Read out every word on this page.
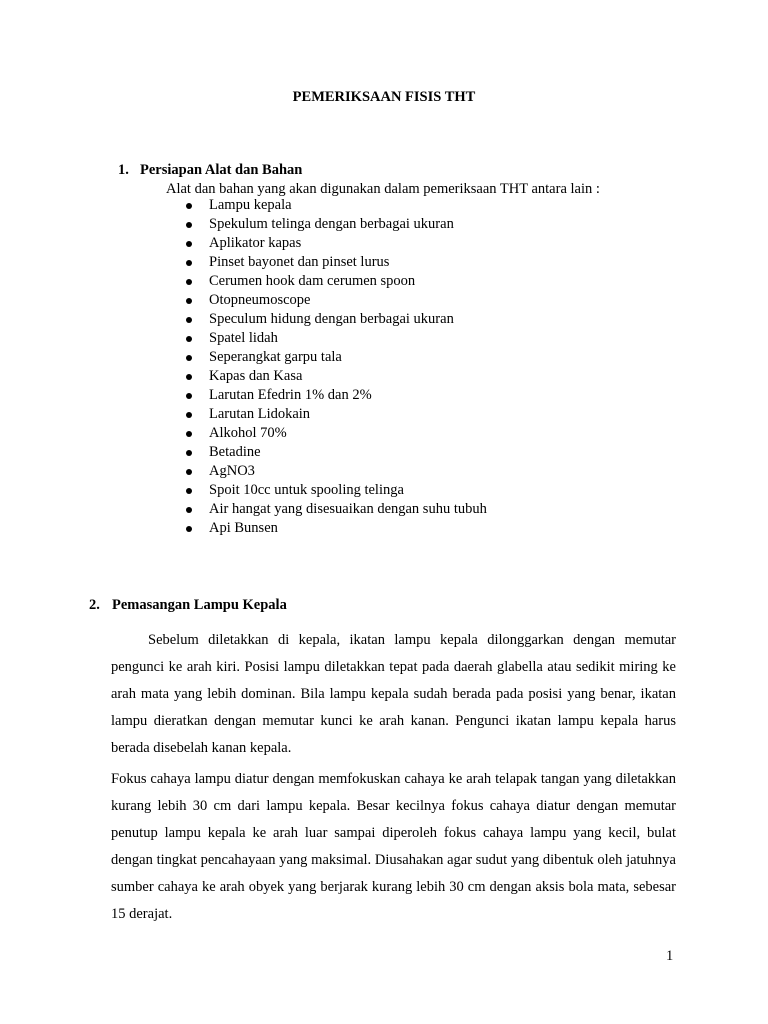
PEMERIKSAAN FISIS THT
1. Persiapan Alat dan Bahan
Alat dan bahan yang akan digunakan dalam pemeriksaan THT antara lain :
Lampu kepala
Spekulum telinga dengan berbagai ukuran
Aplikator kapas
Pinset bayonet dan pinset lurus
Cerumen hook dam cerumen spoon
Otopneumoscope
Speculum hidung dengan berbagai ukuran
Spatel lidah
Seperangkat garpu tala
Kapas dan Kasa
Larutan Efedrin 1% dan 2%
Larutan Lidokain
Alkohol 70%
Betadine
AgNO3
Spoit 10cc untuk spooling telinga
Air hangat yang disesuaikan dengan suhu tubuh
Api Bunsen
2. Pemasangan Lampu Kepala

Sebelum diletakkan di kepala, ikatan lampu kepala dilonggarkan dengan memutar pengunci ke arah kiri. Posisi lampu diletakkan tepat pada daerah glabella atau sedikit miring ke arah mata yang lebih dominan. Bila lampu kepala sudah berada pada posisi yang benar, ikatan lampu dieratkan dengan memutar kunci ke arah kanan. Pengunci ikatan lampu kepala harus berada disebelah kanan kepala.

Fokus cahaya lampu diatur dengan memfokuskan cahaya ke arah telapak tangan yang diletakkan kurang lebih 30 cm dari lampu kepala. Besar kecilnya fokus cahaya diatur dengan memutar penutup lampu kepala ke arah luar sampai diperoleh fokus cahaya lampu yang kecil, bulat dengan tingkat pencahayaan yang maksimal. Diusahakan agar sudut yang dibentuk oleh jatuhnya sumber cahaya ke arah obyek yang berjarak kurang lebih 30 cm dengan aksis bola mata, sebesar 15 derajat.

1
